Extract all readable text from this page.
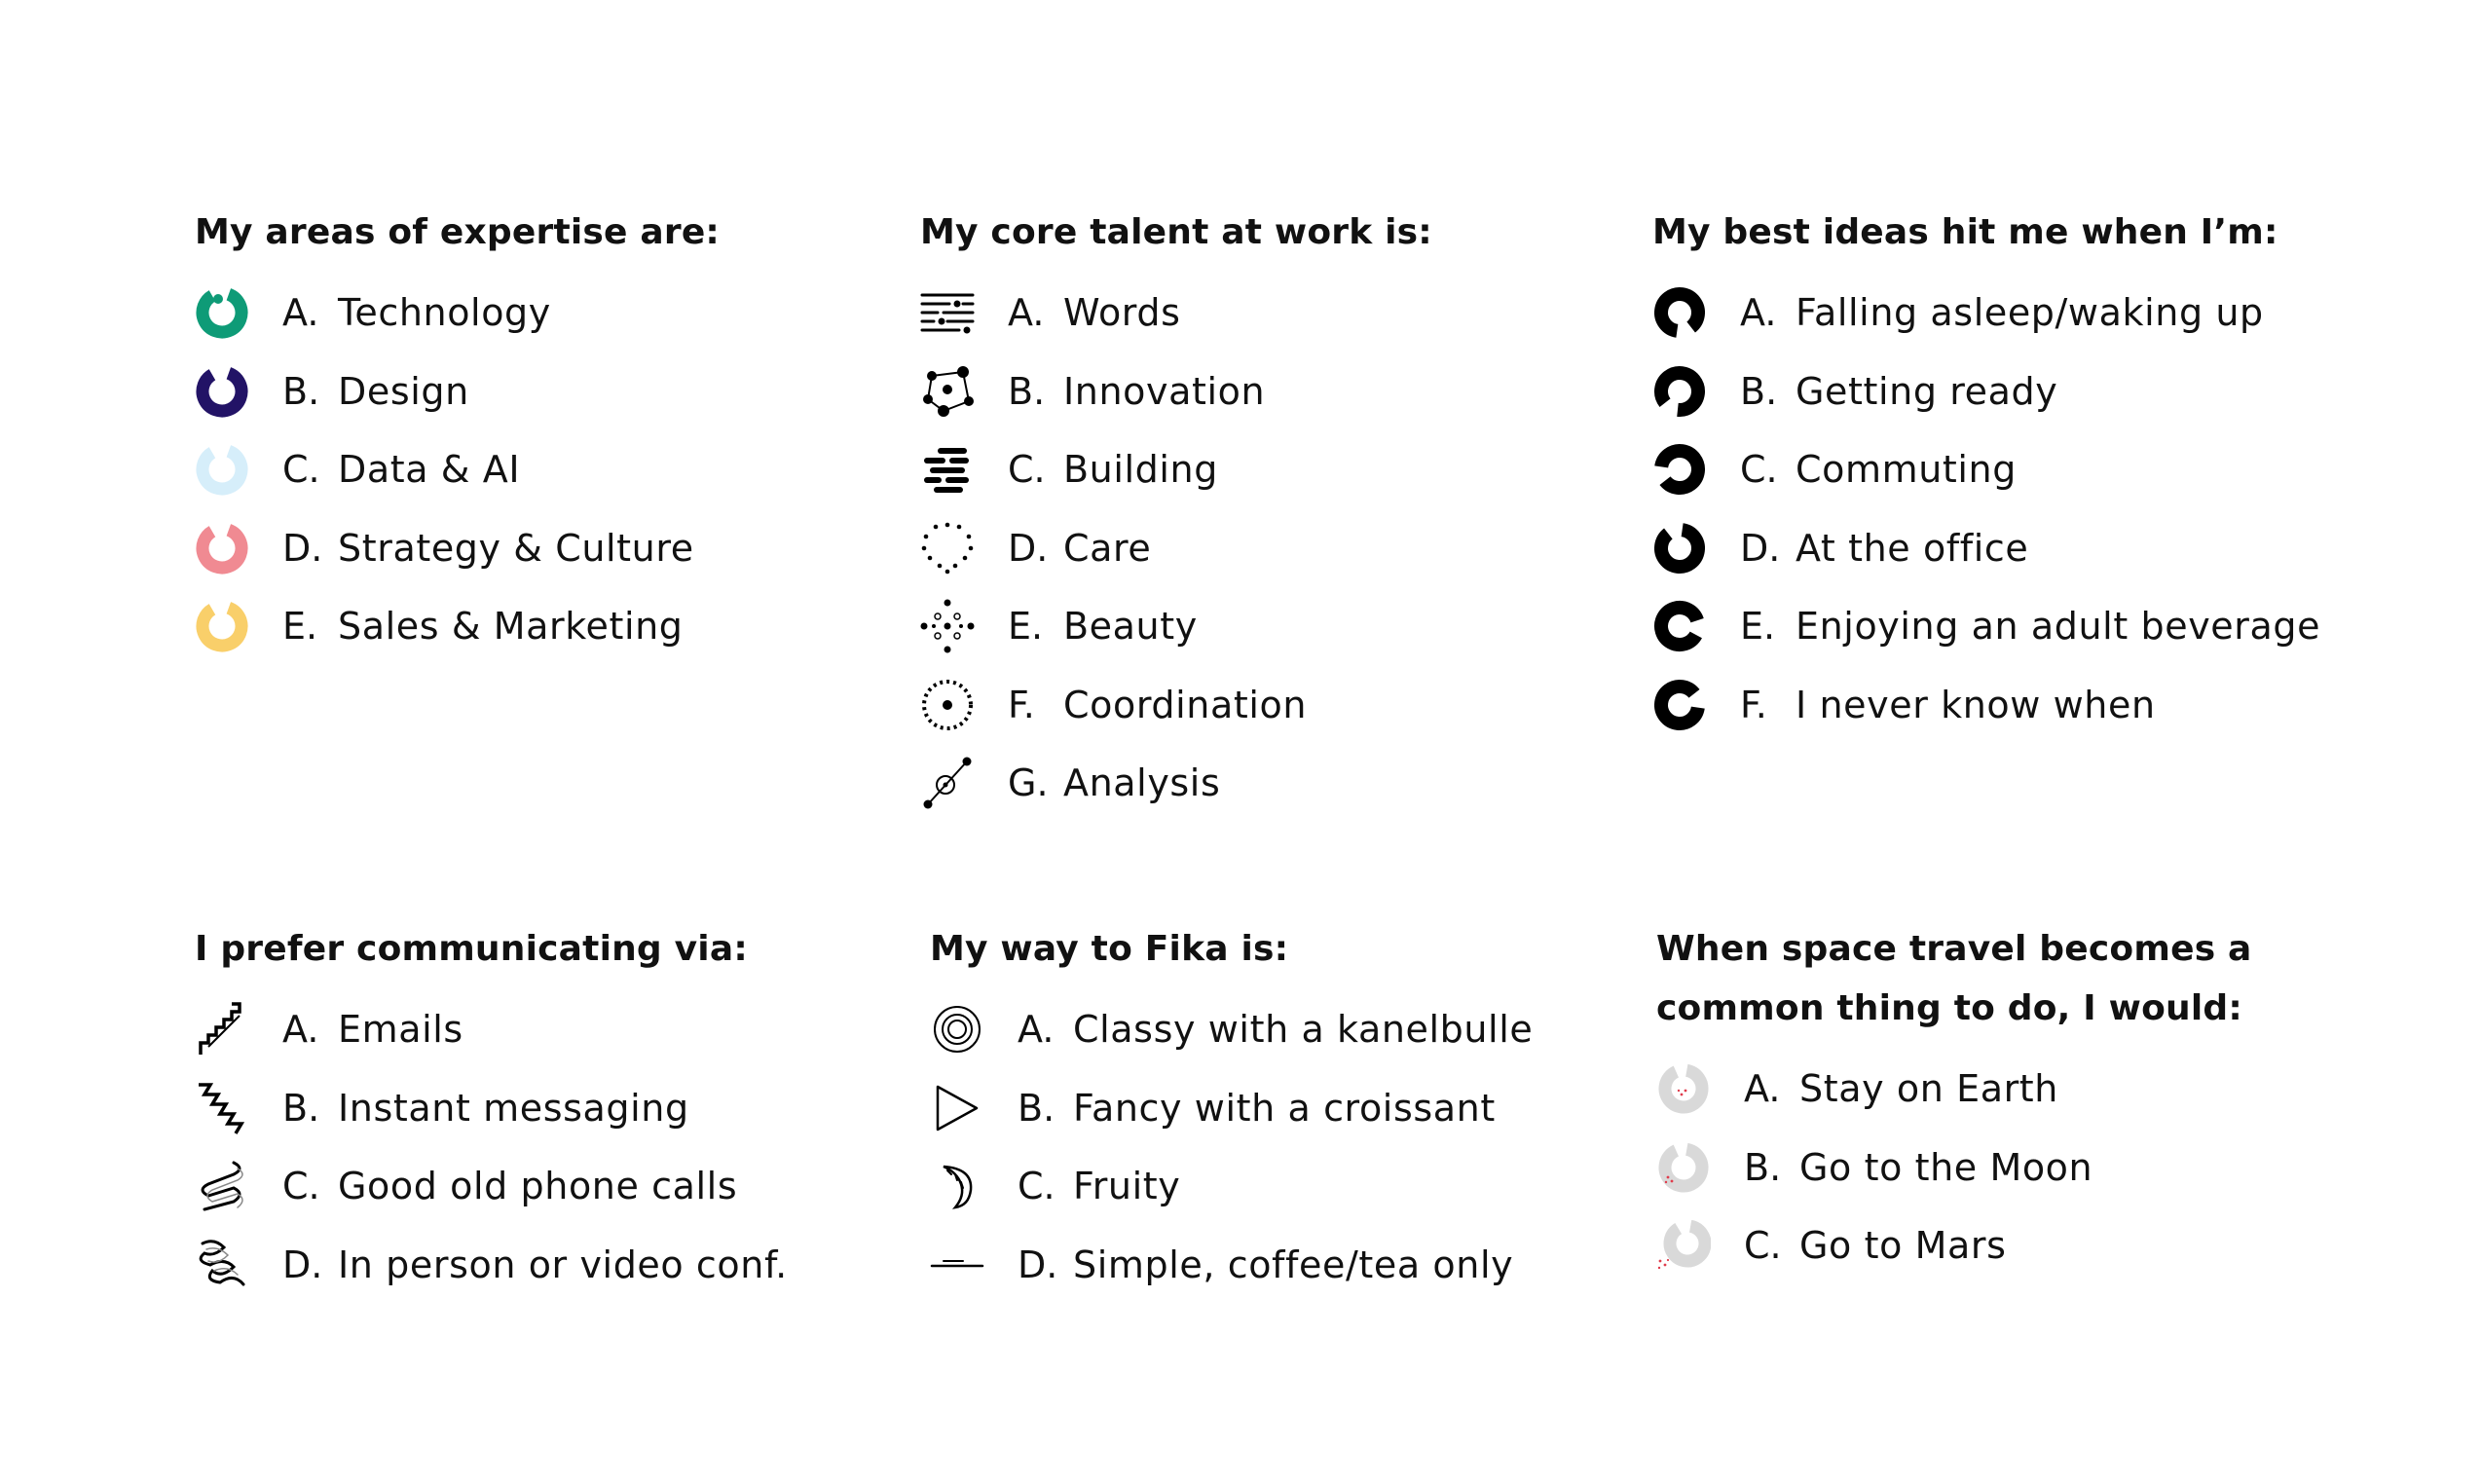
My areas of expertise are:
A. Technology
B. Design
C. Data & AI
D. Strategy & Culture
E. Sales & Marketing
My core talent at work is:
A. Words
B. Innovation
C. Building
D. Care
E. Beauty
F. Coordination
G. Analysis
My best ideas hit me when I’m:
A. Falling asleep/waking up
B. Getting ready
C. Commuting
D. At the office
E. Enjoying an adult beverage
F. I never know when
I prefer communicating via:
A. Emails
B. Instant messaging
C. Good old phone calls
D. In person or video conf.
My way to Fika is:
A. Classy with a kanelbulle
B. Fancy with a croissant
C. Fruity
D. Simple, coffee/tea only
When space travel becomes a
common thing to do, I would:
A. Stay on Earth
B. Go to the Moon
C. Go to Mars
